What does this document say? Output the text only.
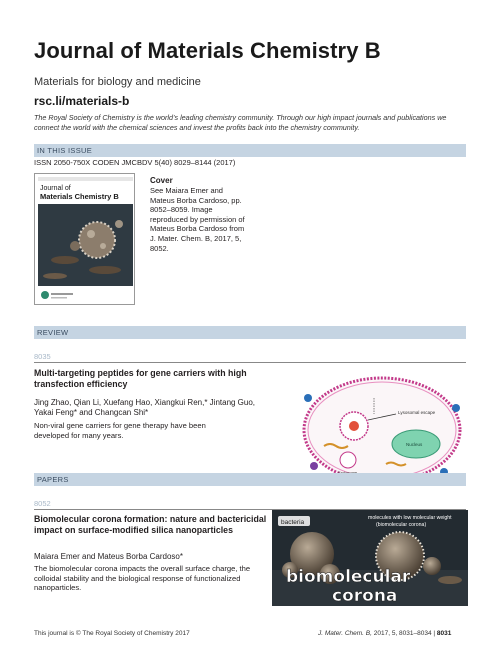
Journal of Materials Chemistry B
Materials for biology and medicine
rsc.li/materials-b
The Royal Society of Chemistry is the world’s leading chemistry community. Through our high impact journals and publications we connect the world with the chemical sciences and invest the profits back into the chemistry community.
IN THIS ISSUE
ISSN 2050-750X CODEN JMCBDV 5(40) 8029–8144 (2017)
Journal of
Materials Chemistry B
Cover
See Maiara Emer and Mateus Borba Cardoso, pp. 8052–8059. Image reproduced by permission of Mateus Borba Cardoso from J. Mater. Chem. B, 2017, 5, 8052.
REVIEW
8035
Multi-targeting peptides for gene carriers with high transfection efficiency
Jing Zhao, Qian Li, Xuefang Hao, Xiangkui Ren,* Jintang Guo, Yakai Feng* and Changcan Shi*
Non-viral gene carriers for gene therapy have been developed for many years.
Lysosomal escape
Nucleus
PAPERS
8052
Biomolecular corona formation: nature and bactericidal impact on surface-modified silica nanoparticles
Maiara Emer and Mateus Borba Cardoso*
The biomolecular corona impacts the overall surface charge, the colloidal stability and the biological response of functionalized nanoparticles.
bacteria
molecules with low molecular weight
(biomolecular corona)
biomolecular
corona
This journal is © The Royal Society of Chemistry 2017	J. Mater. Chem. B, 2017, 5, 8031–8034 | 8031
